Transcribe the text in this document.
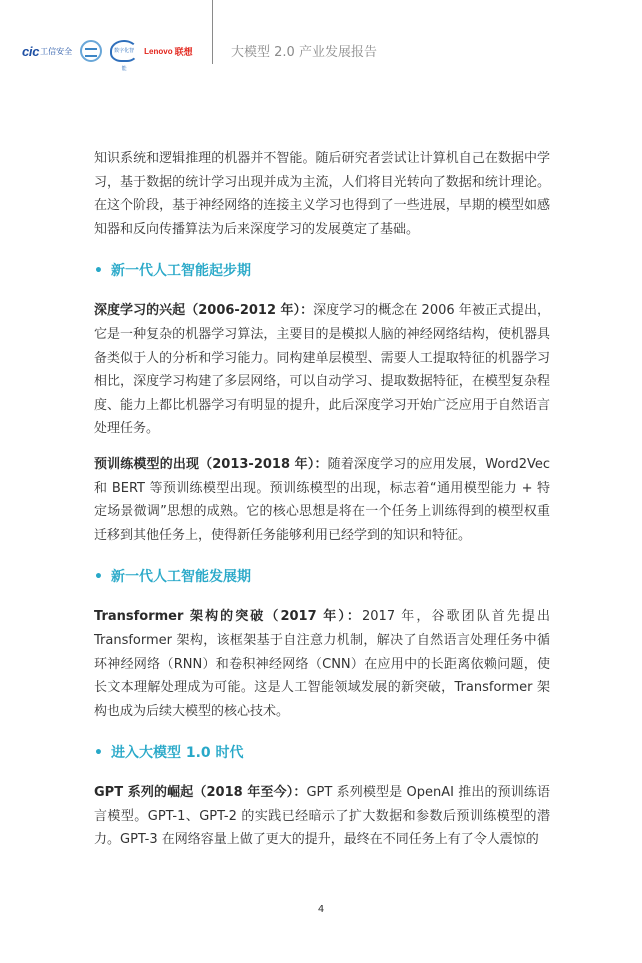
cic 工信安全	数字化智能
Lenovo 联想	大模型 2.0 产业发展报告

知识系统和逻辑推理的机器并不智能。随后研究者尝试让计算机自己在数据中学习，基于数据的统计学习出现并成为主流，人们将目光转向了数据和统计理论。在这个阶段，基于神经网络的连接主义学习也得到了一些进展，早期的模型如感知器和反向传播算法为后来深度学习的发展奠定了基础。

• 新一代人工智能起步期

深度学习的兴起（2006-2012 年）：深度学习的概念在 2006 年被正式提出，它是一种复杂的机器学习算法，主要目的是模拟人脑的神经网络结构，使机器具备类似于人的分析和学习能力。同构建单层模型、需要人工提取特征的机器学习相比，深度学习构建了多层网络，可以自动学习、提取数据特征，在模型复杂程度、能力上都比机器学习有明显的提升，此后深度学习开始广泛应用于自然语言处理任务。

预训练模型的出现（2013-2018 年）：随着深度学习的应用发展，Word2Vec 和 BERT 等预训练模型出现。预训练模型的出现，标志着“通用模型能力 + 特定场景微调”思想的成熟。它的核心思想是将在一个任务上训练得到的模型权重迁移到其他任务上，使得新任务能够利用已经学到的知识和特征。

• 新一代人工智能发展期

Transformer 架构的突破（2017 年）：2017 年，谷歌团队首先提出 Transformer 架构，该框架基于自注意力机制，解决了自然语言处理任务中循环神经网络（RNN）和卷积神经网络（CNN）在应用中的长距离依赖问题，使长文本理解处理成为可能。这是人工智能领域发展的新突破，Transformer 架构也成为后续大模型的核心技术。

• 进入大模型 1.0 时代

GPT 系列的崛起（2018 年至今）：GPT 系列模型是 OpenAI 推出的预训练语言模型。GPT-1、GPT-2 的实践已经暗示了扩大数据和参数后预训练模型的潜力。GPT-3 在网络容量上做了更大的提升，最终在不同任务上有了令人震惊的

4
